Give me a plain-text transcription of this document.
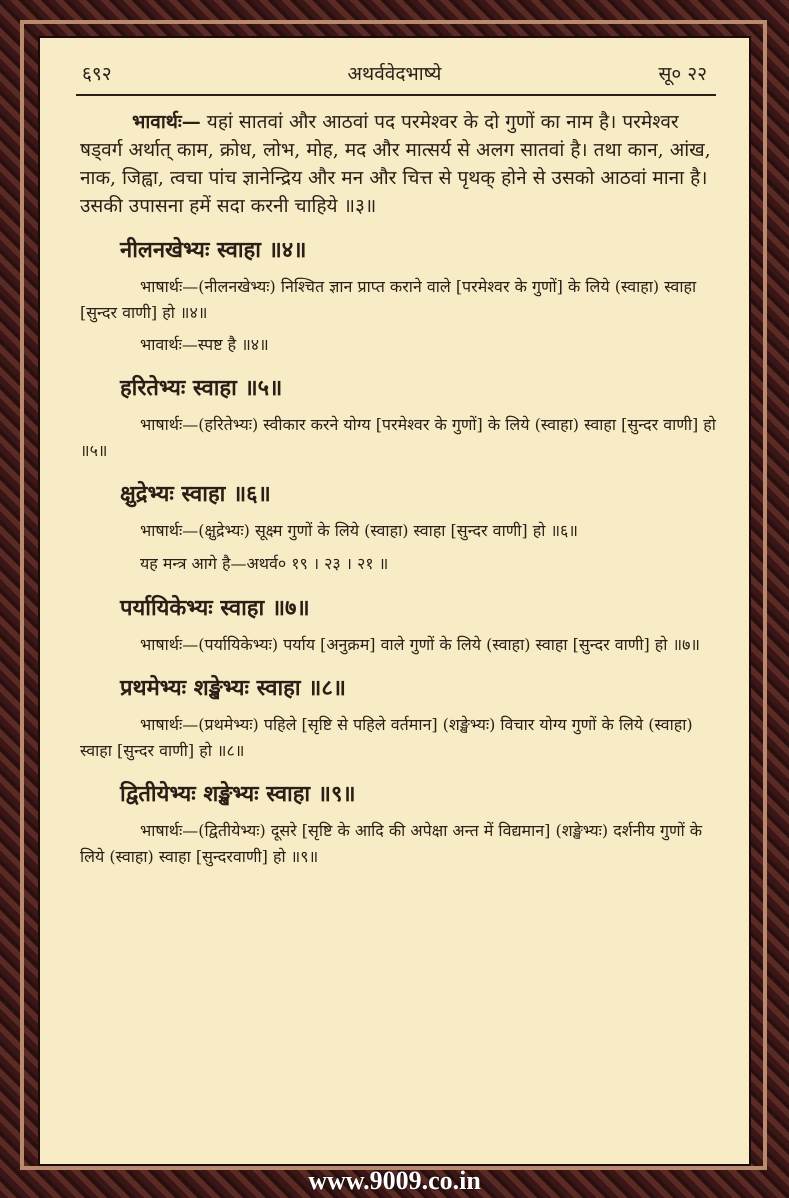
६९२	अथर्ववेदभाष्ये	सू० २२

भावार्थः— यहां सातवां और आठवां पद परमेश्वर के दो गुणों का नाम है। परमेश्वर षड्वर्ग अर्थात् काम, क्रोध, लोभ, मोह, मद और मात्सर्य से अलग सातवां है। तथा कान, आंख, नाक, जिह्वा, त्वचा पांच ज्ञानेन्द्रिय और मन और चित्त से पृथक् होने से उसको आठवां माना है। उसकी उपासना हमें सदा करनी चाहिये ॥३॥

नीलनखेभ्यः स्वाहा ॥४॥

भाषार्थः—(नीलनखेभ्यः) निश्चित ज्ञान प्राप्त कराने वाले [परमेश्वर के गुणों] के लिये (स्वाहा) स्वाहा [सुन्दर वाणी] हो ॥४॥

भावार्थः—स्पष्ट है ॥४॥

हरितेभ्यः स्वाहा ॥५॥

भाषार्थः—(हरितेभ्यः) स्वीकार करने योग्य [परमेश्वर के गुणों] के लिये (स्वाहा) स्वाहा [सुन्दर वाणी] हो ॥५॥

क्षुद्रेभ्यः स्वाहा ॥६॥

भाषार्थः—(क्षुद्रेभ्यः) सूक्ष्म गुणों के लिये (स्वाहा) स्वाहा [सुन्दर वाणी] हो ॥६॥

यह मन्त्र आगे है—अथर्व० १९ । २३ । २१ ॥

पर्यायिकेभ्यः स्वाहा ॥७॥

भाषार्थः—(पर्यायिकेभ्यः) पर्याय [अनुक्रम] वाले गुणों के लिये (स्वाहा) स्वाहा [सुन्दर वाणी] हो ॥७॥

प्रथमेभ्यः शङ्खेभ्यः स्वाहा ॥८॥

भाषार्थः—(प्रथमेभ्यः) पहिले [सृष्टि से पहिले वर्तमान] (शङ्खेभ्यः) विचार योग्य गुणों के लिये (स्वाहा) स्वाहा [सुन्दर वाणी] हो ॥८॥

द्वितीयेभ्यः शङ्खेभ्यः स्वाहा ॥९॥

भाषार्थः—(द्वितीयेभ्यः) दूसरे [सृष्टि के आदि की अपेक्षा अन्त में विद्यमान] (शङ्खेभ्यः) दर्शनीय गुणों के लिये (स्वाहा) स्वाहा [सुन्दरवाणी] हो ॥९॥

www.9009.co.in
